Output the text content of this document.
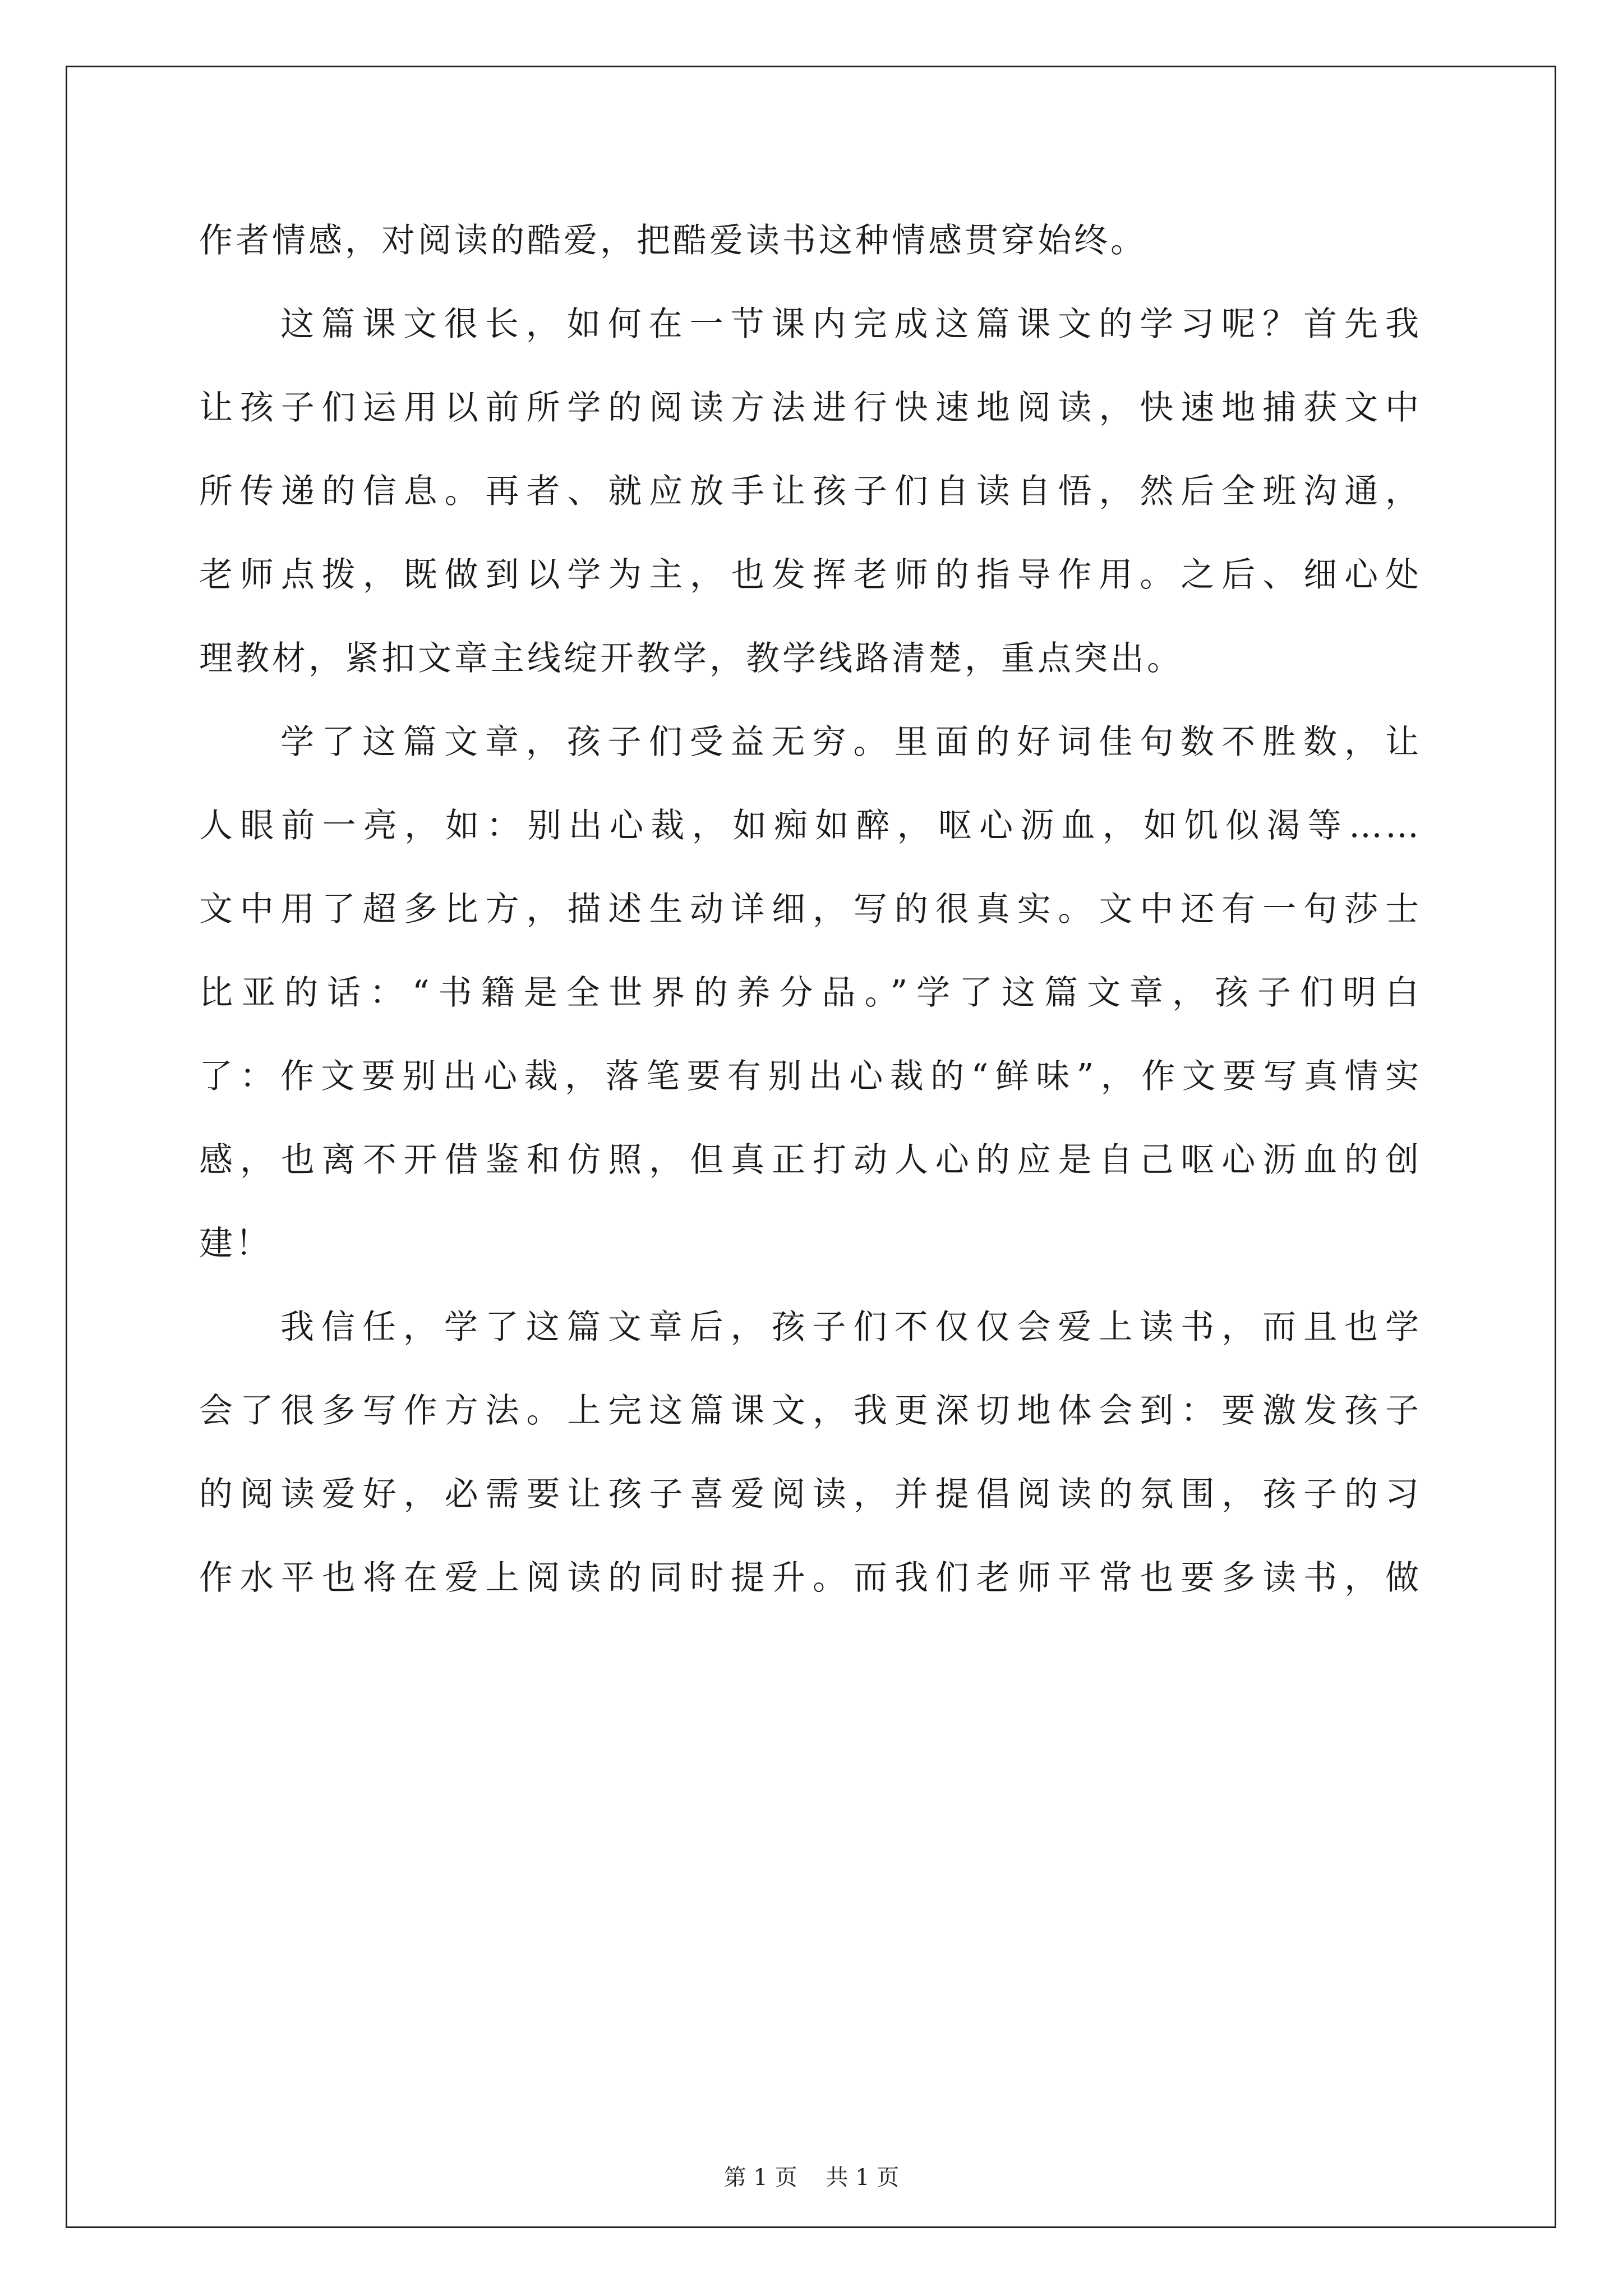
作者情感，对阅读的酷爱，把酷爱读书这种情感贯穿始终。
这篇课文很长，如何在一节课内完成这篇课文的学习呢？首先我
让孩子们运用以前所学的阅读方法进行快速地阅读，快速地捕获文中
所传递的信息。再者、就应放手让孩子们自读自悟，然后全班沟通，
老师点拨，既做到以学为主，也发挥老师的指导作用。之后、细心处
理教材，紧扣文章主线绽开教学，教学线路清楚，重点突出。
学了这篇文章，孩子们受益无穷。里面的好词佳句数不胜数，让
人眼前一亮，如：别出心裁，如痴如醉，呕心沥血，如饥似渴等……
文中用了超多比方，描述生动详细，写的很真实。文中还有一句莎士
比亚的话：“书籍是全世界的养分品。”学了这篇文章，孩子们明白
了：作文要别出心裁，落笔要有别出心裁的“鲜味”，作文要写真情实
感，也离不开借鉴和仿照，但真正打动人心的应是自己呕心沥血的创
建！
我信任，学了这篇文章后，孩子们不仅仅会爱上读书，而且也学
会了很多写作方法。上完这篇课文，我更深切地体会到：要激发孩子
的阅读爱好，必需要让孩子喜爱阅读，并提倡阅读的氛围，孩子的习
作水平也将在爱上阅读的同时提升。而我们老师平常也要多读书，做
第 1 页    共 1 页
